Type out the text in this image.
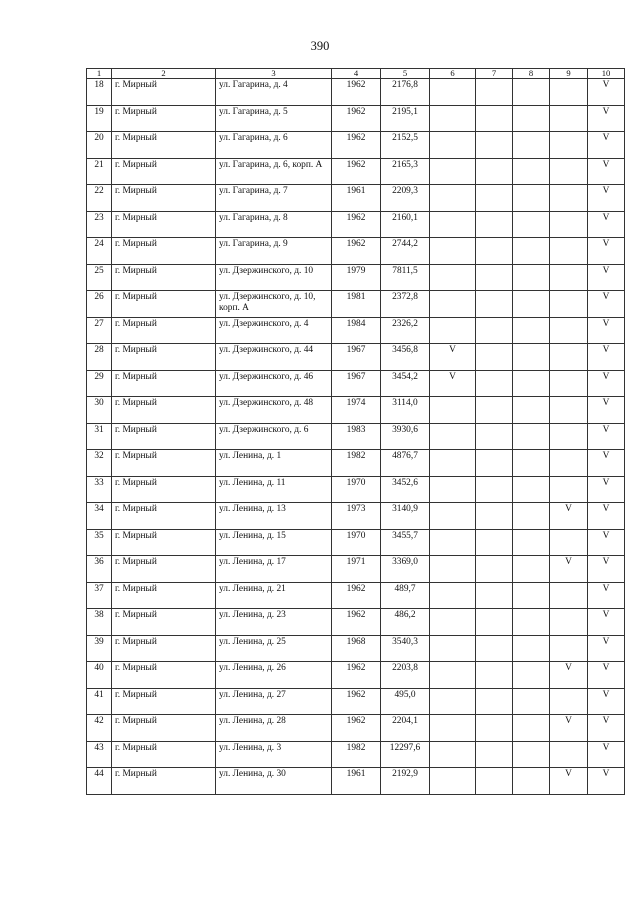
390
1	2	3	4	5	6	7	8	9	10
18	г. Мирный	ул. Гагарина, д. 4	1962	2176,8					V
19	г. Мирный	ул. Гагарина, д. 5	1962	2195,1					V
20	г. Мирный	ул. Гагарина, д. 6	1962	2152,5					V
21	г. Мирный	ул. Гагарина, д. 6, корп. А	1962	2165,3					V
22	г. Мирный	ул. Гагарина, д. 7	1961	2209,3					V
23	г. Мирный	ул. Гагарина, д. 8	1962	2160,1					V
24	г. Мирный	ул. Гагарина, д. 9	1962	2744,2					V
25	г. Мирный	ул. Дзержинского, д. 10	1979	7811,5					V
26	г. Мирный	ул. Дзержинского, д. 10, корп. А	1981	2372,8					V
27	г. Мирный	ул. Дзержинского, д. 4	1984	2326,2					V
28	г. Мирный	ул. Дзержинского, д. 44	1967	3456,8	V				V
29	г. Мирный	ул. Дзержинского, д. 46	1967	3454,2	V				V
30	г. Мирный	ул. Дзержинского, д. 48	1974	3114,0					V
31	г. Мирный	ул. Дзержинского, д. 6	1983	3930,6					V
32	г. Мирный	ул. Ленина, д. 1	1982	4876,7					V
33	г. Мирный	ул. Ленина, д. 11	1970	3452,6					V
34	г. Мирный	ул. Ленина, д. 13	1973	3140,9				V	V
35	г. Мирный	ул. Ленина, д. 15	1970	3455,7					V
36	г. Мирный	ул. Ленина, д. 17	1971	3369,0				V	V
37	г. Мирный	ул. Ленина, д. 21	1962	489,7					V
38	г. Мирный	ул. Ленина, д. 23	1962	486,2					V
39	г. Мирный	ул. Ленина, д. 25	1968	3540,3					V
40	г. Мирный	ул. Ленина, д. 26	1962	2203,8				V	V
41	г. Мирный	ул. Ленина, д. 27	1962	495,0					V
42	г. Мирный	ул. Ленина, д. 28	1962	2204,1				V	V
43	г. Мирный	ул. Ленина, д. 3	1982	12297,6					V
44	г. Мирный	ул. Ленина, д. 30	1961	2192,9				V	V
